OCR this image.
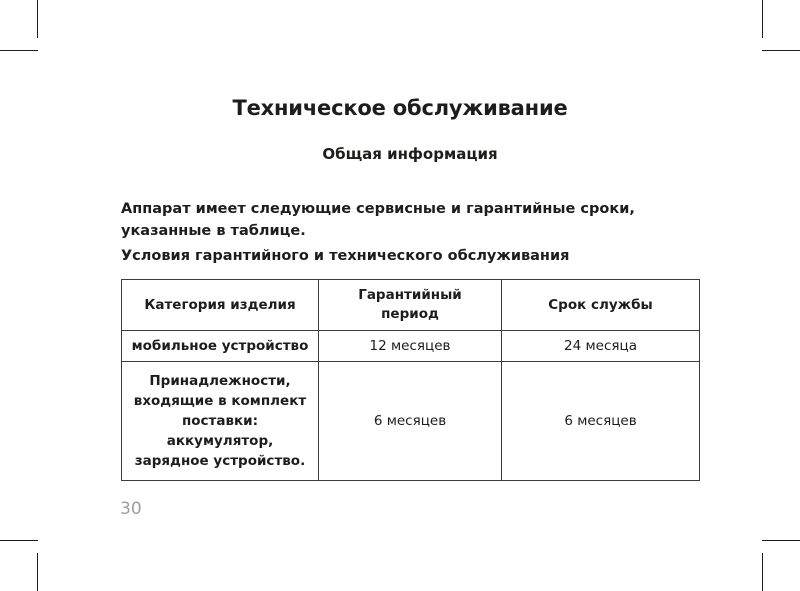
Техническое обслуживание
Общая информация
Аппарат имеет следующие сервисные и гарантийные сроки, указанные в таблице.
Условия гарантийного и технического обслуживания
Категория изделия	Гарантийный период	Срок службы
мобильное устройство	12 месяцев	24 месяца
Принадлежности, входящие в комплект поставки: аккумулятор, зарядное устройство.	6 месяцев	6 месяцев
30
